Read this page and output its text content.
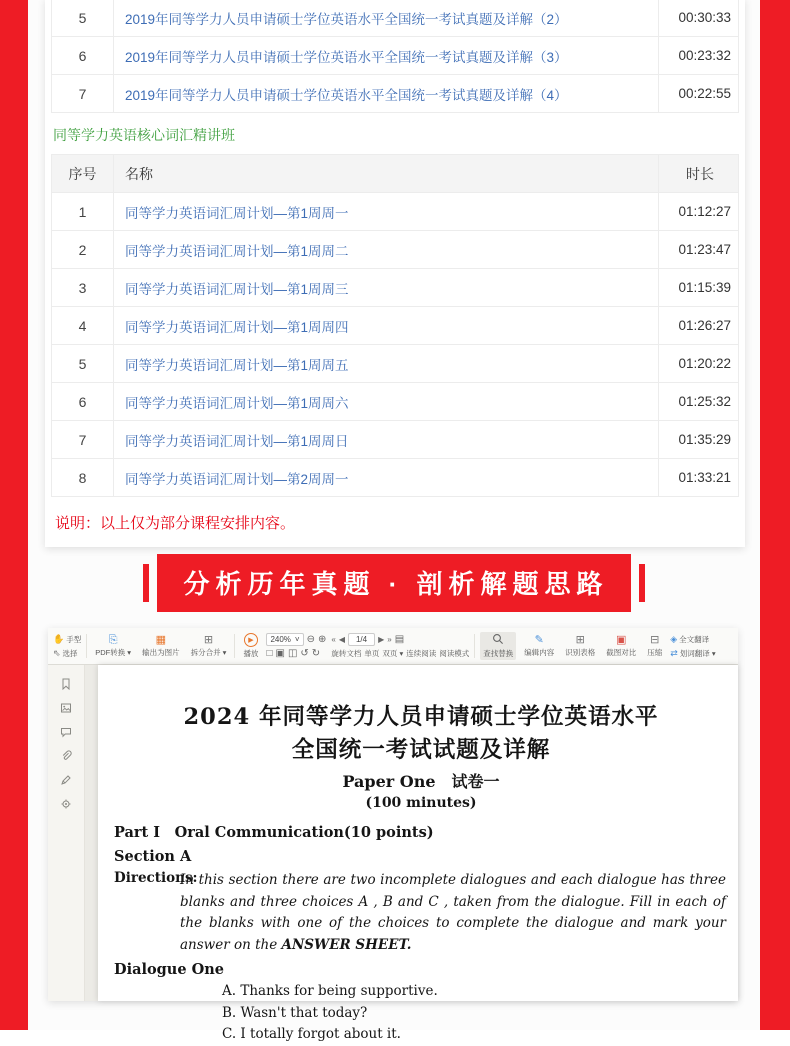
5	2019年同等学力人员申请硕士学位英语水平全国统一考试真题及详解（2）	00:30:33
6	2019年同等学力人员申请硕士学位英语水平全国统一考试真题及详解（3）	00:23:32
7	2019年同等学力人员申请硕士学位英语水平全国统一考试真题及详解（4）	00:22:55
同等学力英语核心词汇精讲班
序号	名称	时长
1	同等学力英语词汇周计划—第1周周一	01:12:27
2	同等学力英语词汇周计划—第1周周二	01:23:47
3	同等学力英语词汇周计划—第1周周三	01:15:39
4	同等学力英语词汇周计划—第1周周四	01:26:27
5	同等学力英语词汇周计划—第1周周五	01:20:22
6	同等学力英语词汇周计划—第1周周六	01:25:32
7	同等学力英语词汇周计划—第1周周日	01:35:29
8	同等学力英语词汇周计划—第2周周一	01:33:21
说明：以上仅为部分课程安排内容。
分析历年真题 · 剖析解题思路
✋ 手型
⇖ 选择
⎘
PDF转换 ▾
▦
输出为图片
⊞
拆分合并 ▾
▶
播放
240% ˅ ⊖ ⊕
□ ▣ ◫ ↺ ↻
« ◀	1/4	▶ » ▤
旋转文档 单页 双页 ▾ 连续阅读 阅读模式 查找替换
✎
编辑内容
⊞
识别表格
▣
截图对比
⊟
压缩
◈ 全文翻译
⇄ 划词翻译 ▾
2024 年同等学力人员申请硕士学位英语水平
全国统一考试试题及详解
Paper One　试卷一
(100 minutes)
Part Ⅰ　Oral Communication(10 points)
Section A
Directions:
In this section there are two incomplete dialogues and each dialogue has three blanks and three choices A , B and C , taken from the dialogue. Fill in each of the blanks with one of the choices to complete the dialogue and mark your answer on the ANSWER SHEET.
Dialogue One
A. Thanks for being supportive.
B. Wasn't that today?
C. I totally forgot about it.
